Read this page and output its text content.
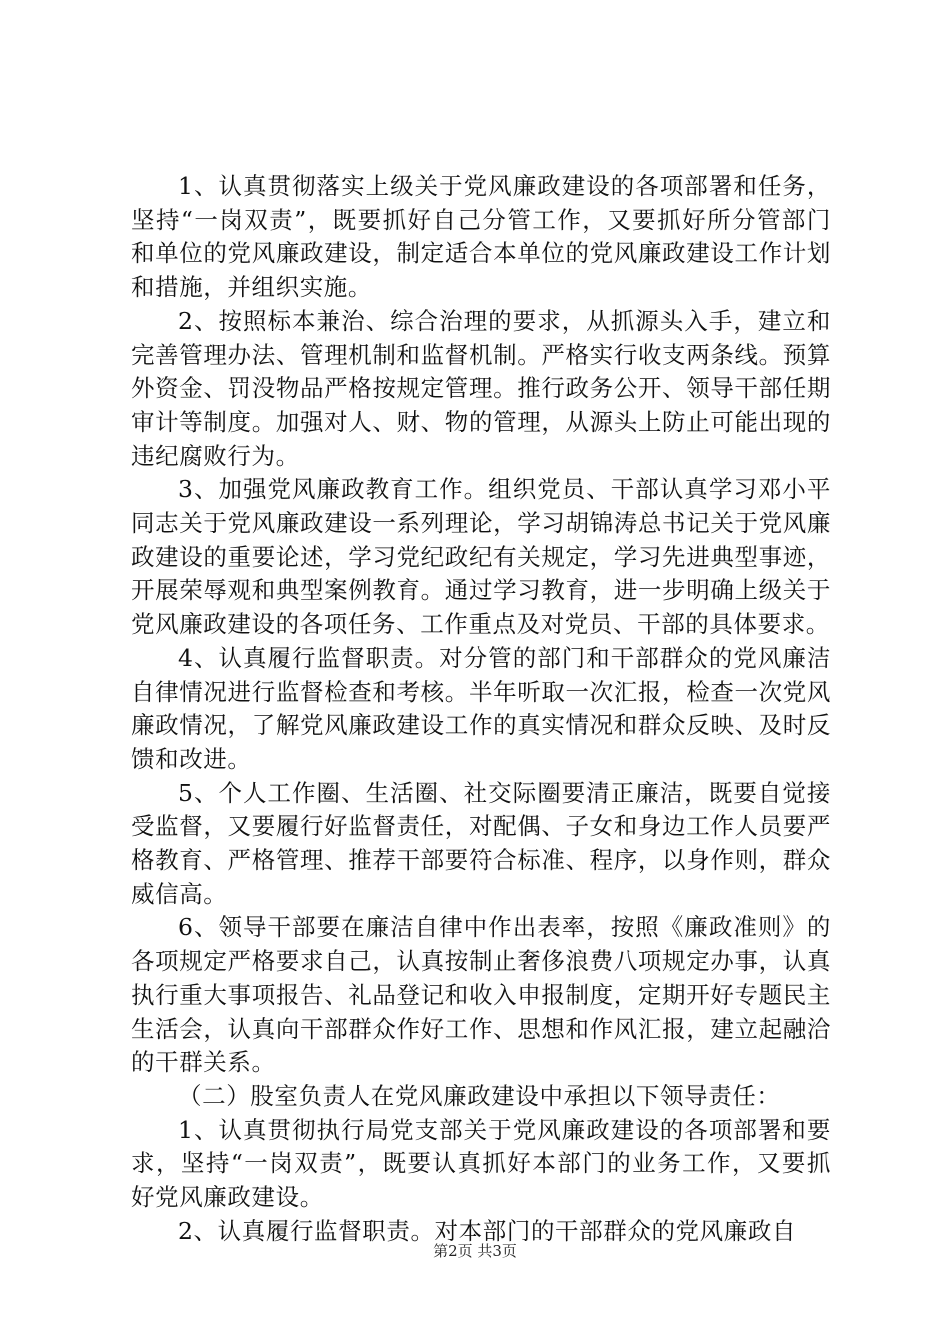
1、认真贯彻落实上级关于党风廉政建设的各项部署和任务，坚持“一岗双责”，既要抓好自己分管工作，又要抓好所分管部门和单位的党风廉政建设，制定适合本单位的党风廉政建设工作计划和措施，并组织实施。

2、按照标本兼治、综合治理的要求，从抓源头入手，建立和完善管理办法、管理机制和监督机制。严格实行收支两条线。预算外资金、罚没物品严格按规定管理。推行政务公开、领导干部任期审计等制度。加强对人、财、物的管理，从源头上防止可能出现的违纪腐败行为。

3、加强党风廉政教育工作。组织党员、干部认真学习邓小平同志关于党风廉政建设一系列理论，学习胡锦涛总书记关于党风廉政建设的重要论述，学习党纪政纪有关规定，学习先进典型事迹，开展荣辱观和典型案例教育。通过学习教育，进一步明确上级关于党风廉政建设的各项任务、工作重点及对党员、干部的具体要求。

4、认真履行监督职责。对分管的部门和干部群众的党风廉洁自律情况进行监督检查和考核。半年听取一次汇报，检查一次党风廉政情况，了解党风廉政建设工作的真实情况和群众反映、及时反馈和改进。

5、个人工作圈、生活圈、社交际圈要清正廉洁，既要自觉接受监督，又要履行好监督责任，对配偶、子女和身边工作人员要严格教育、严格管理、推荐干部要符合标准、程序，以身作则，群众威信高。

6、领导干部要在廉洁自律中作出表率，按照《廉政准则》的各项规定严格要求自己，认真按制止奢侈浪费八项规定办事，认真执行重大事项报告、礼品登记和收入申报制度，定期开好专题民主生活会，认真向干部群众作好工作、思想和作风汇报，建立起融洽的干群关系。

（二）股室负责人在党风廉政建设中承担以下领导责任：

1、认真贯彻执行局党支部关于党风廉政建设的各项部署和要求，坚持“一岗双责”，既要认真抓好本部门的业务工作，又要抓好党风廉政建设。

2、认真履行监督职责。对本部门的干部群众的党风廉政自

第2页 共3页
